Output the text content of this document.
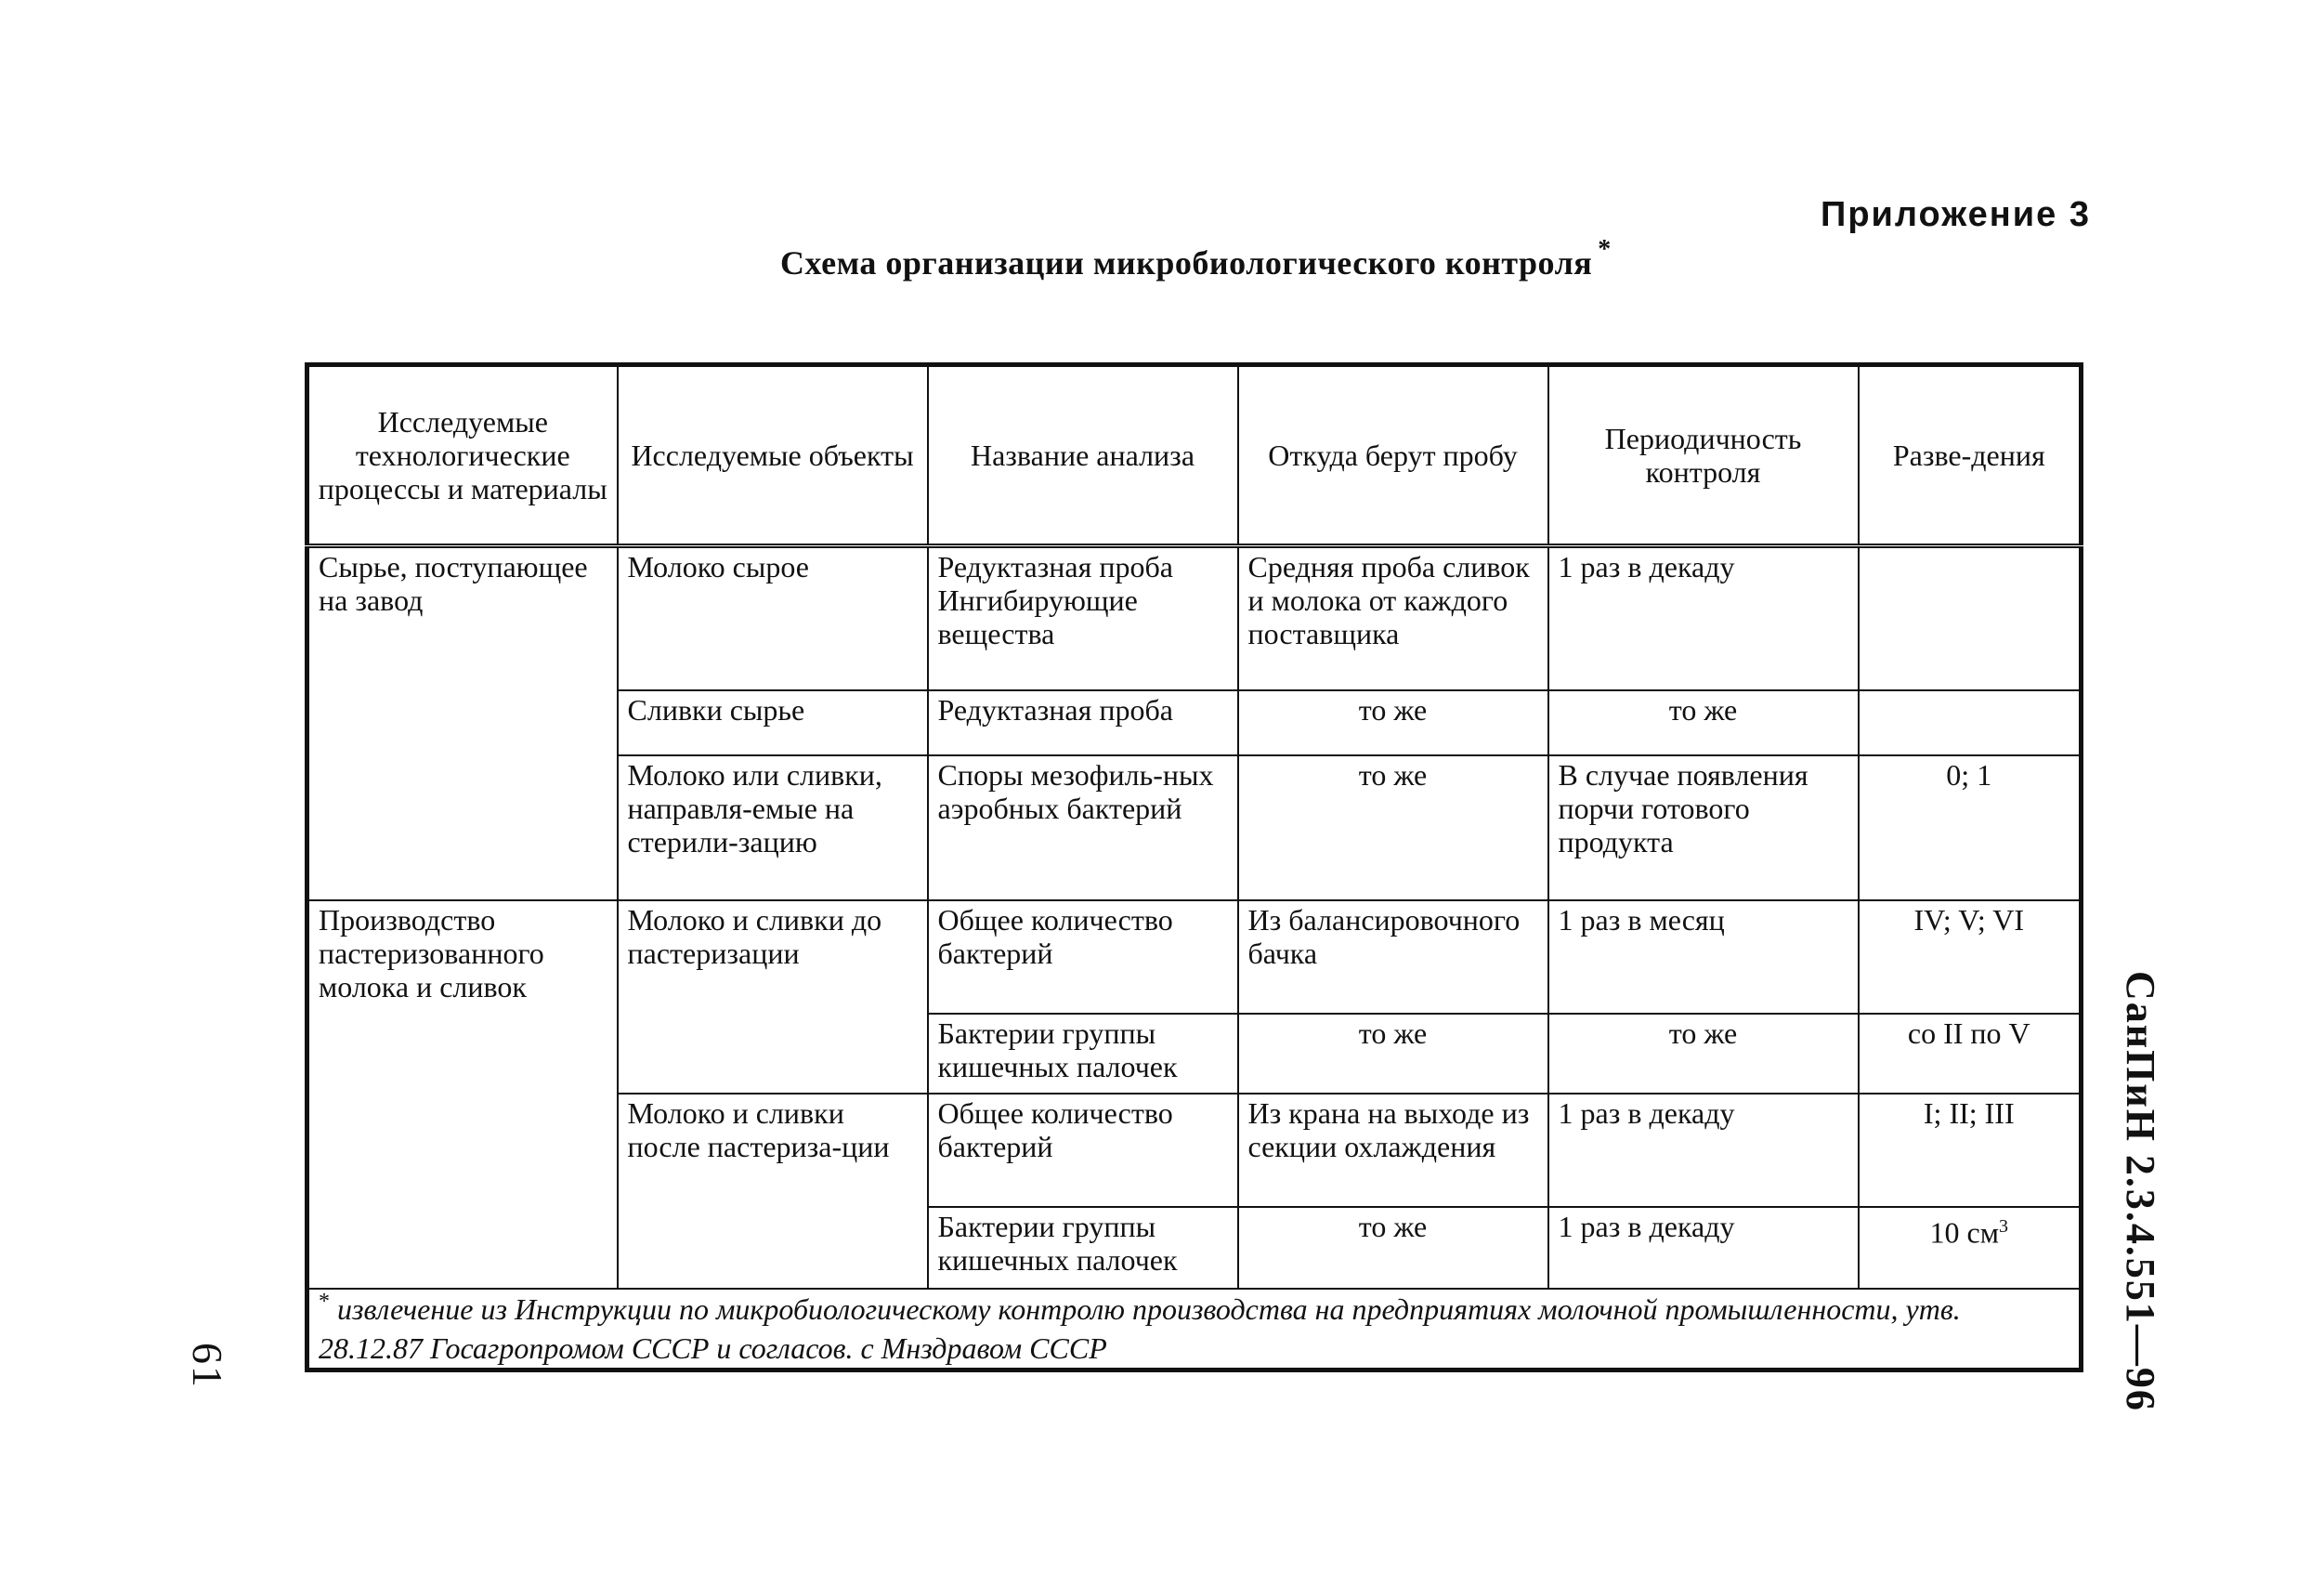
Приложение 3
Схема организации микробиологического контроля *
Исследуемые технологические процессы и материалы	Исследуемые объекты	Название анализа	Откуда берут пробу	Периодичность контроля	Разве-дения
Сырье, поступающее на завод	Молоко сырое	Редуктазная проба Ингибирующие вещества	Средняя проба сливок и молока от каждого поставщика	1 раз в декаду	
	Сливки сырье	Редуктазная проба	то же	то же	
	Молоко или сливки, направля-емые на стерили-зацию	Споры мезофиль-ных аэробных бактерий	то же	В случае появления порчи готового продукта	0; 1
Производство пастеризованного молока и сливок	Молоко и сливки до пастеризации	Общее количество бактерий	Из балансировочного бачка	1 раз в месяц	IV; V; VI
		Бактерии группы кишечных палочек	то же	то же	со II по V
	Молоко и сливки после пастериза-ции	Общее количество бактерий	Из крана на выходе из секции охлаждения	1 раз в декаду	I; II; III
		Бактерии группы кишечных палочек	то же	1 раз в декаду	10 $см^3$
* извлечение из Инструкции по микробиологическому контролю производства на предприятиях молочной промышленности, утв. 28.12.87 Госагропромом СССР и согласов. с Мнздравом СССР						СанПиН 2.3.4.551—96
61
